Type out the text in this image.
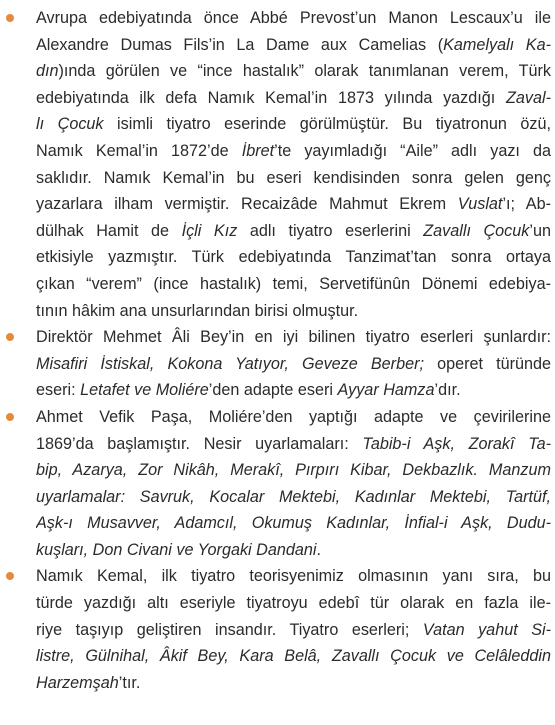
Avrupa edebiyatında önce Abbé Prevost’un Manon Lescaux’u ile
Alexandre Dumas Fils’in La Dame aux Camelias (Kamelyalı Ka-
dın)ında görülen ve “ince hastalık” olarak tanımlanan verem, Türk
edebiyatında ilk defa Namık Kemal’in 1873 yılında yazdığı Zaval-
lı Çocuk isimli tiyatro eserinde görülmüştür. Bu tiyatronun özü,
Namık Kemal’in 1872’de İbret’te yayımladığı “Aile” adlı yazı da
saklıdır. Namık Kemal’in bu eseri kendisinden sonra gelen genç
yazarlara ilham vermiştir. Recaizâde Mahmut Ekrem Vuslat’ı; Ab-
dülhak Hamit de İçli Kız adlı tiyatro eserlerini Zavallı Çocuk’un
etkisiyle yazmıştır. Türk edebiyatında Tanzimat’tan sonra ortaya
çıkan “verem” (ince hastalık) temi, Servetifünûn Dönemi edebiya-
tının hâkim ana unsurlarından birisi olmuştur.
Direktör Mehmet Âli Bey’in en iyi bilinen tiyatro eserleri şunlardır:
Misafiri İstiskal, Kokona Yatıyor, Geveze Berber; operet türünde
eseri: Letafet ve Moliére’den adapte eseri Ayyar Hamza’dır.
Ahmet Vefik Paşa, Moliére’den yaptığı adapte ve çevirilerine
1869’da başlamıştır. Nesir uyarlamaları: Tabib-i Aşk, Zorakî Ta-
bip, Azarya, Zor Nikâh, Merakî, Pırpırı Kibar, Dekbazlık. Manzum
uyarlamalar: Savruk, Kocalar Mektebi, Kadınlar Mektebi, Tartüf,
Aşk-ı Musavver, Adamcıl, Okumuş Kadınlar, İnfial-i Aşk, Dudu-
kuşları, Don Civani ve Yorgaki Dandani.
Namık Kemal, ilk tiyatro teorisyenimiz olmasının yanı sıra, bu
türde yazdığı altı eseriyle tiyatroyu edebî tür olarak en fazla ile-
riye taşıyıp geliştiren insandır. Tiyatro eserleri; Vatan yahut Si-
listre, Gülnihal, Âkif Bey, Kara Belâ, Zavallı Çocuk ve Celâleddin
Harzemşah’tır.
